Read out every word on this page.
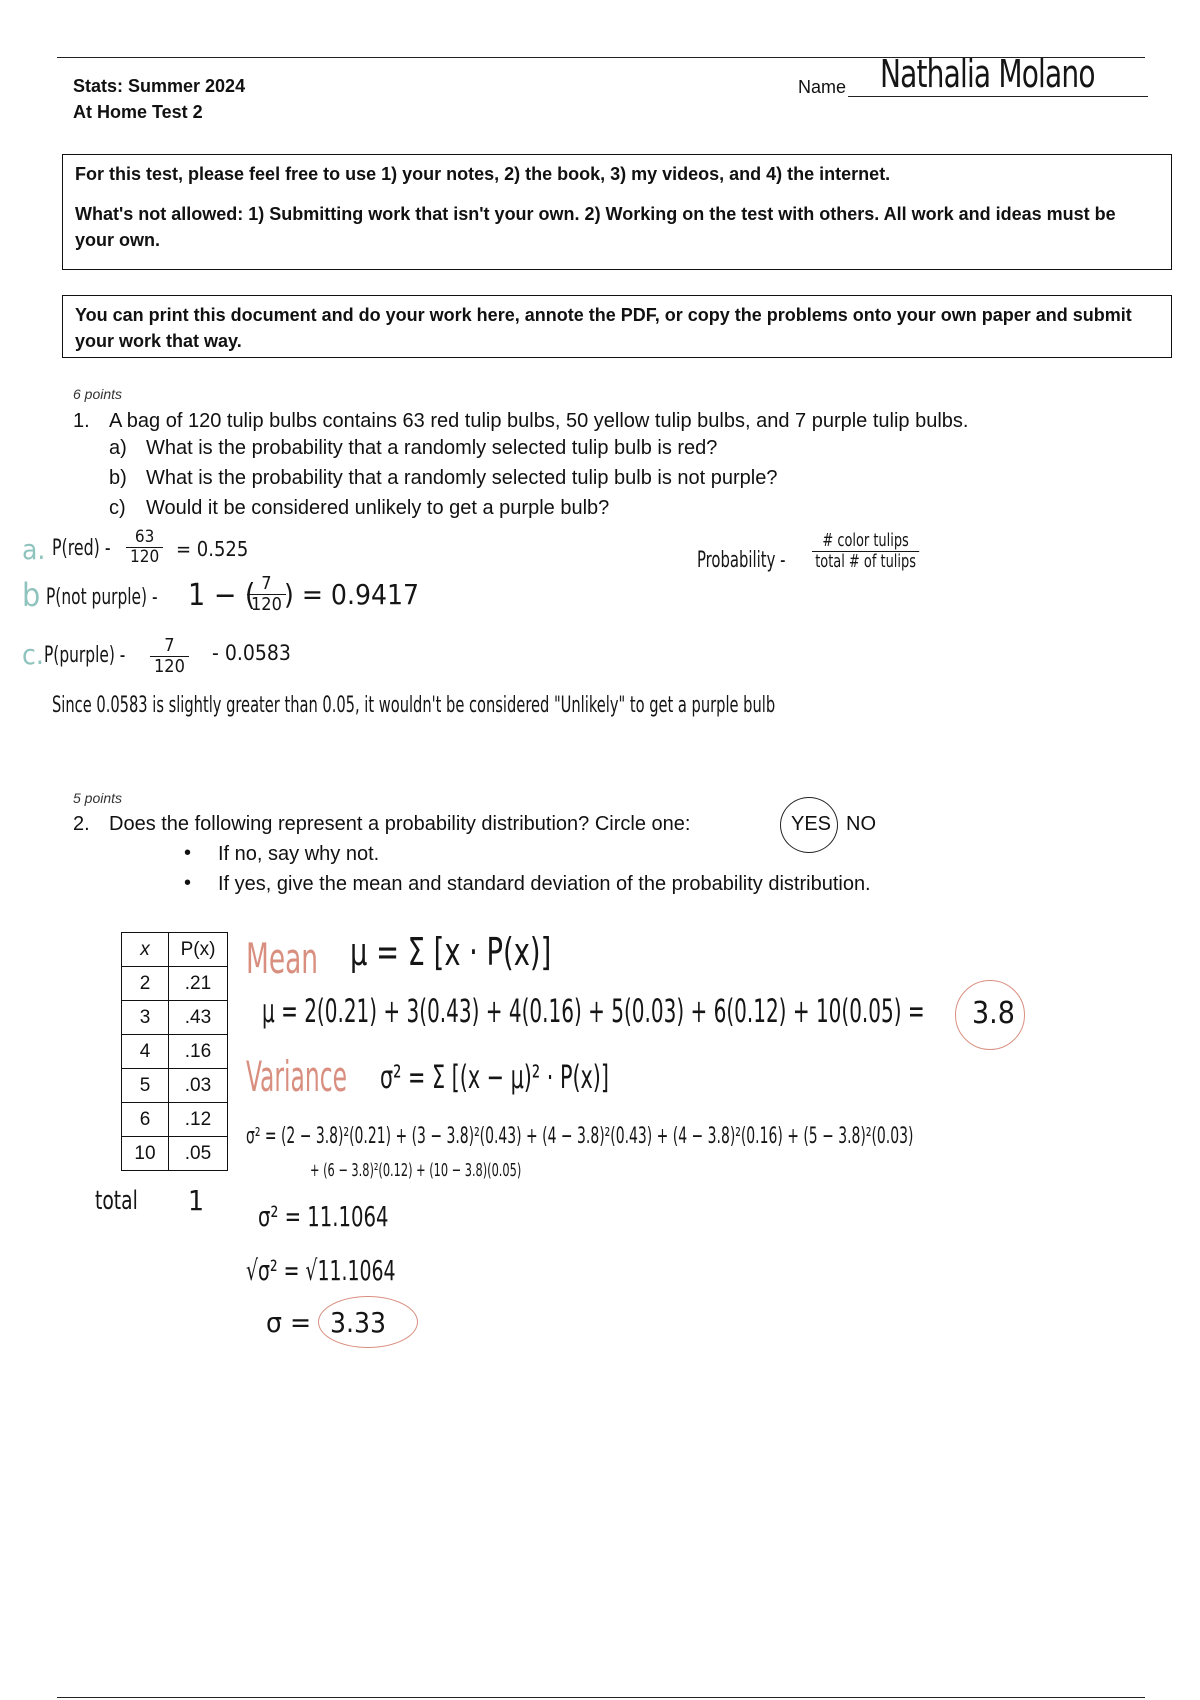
Stats: Summer 2024
At Home Test 2
Name Nathalia Molano

For this test, please feel free to use 1) your notes, 2) the book, 3) my videos, and 4) the internet.

What's not allowed: 1) Submitting work that isn't your own. 2) Working on the test with others. All work and ideas must be your own.

You can print this document and do your work here, annote the PDF, or copy the problems onto your own paper and submit your work that way.

6 points
1. A bag of 120 tulip bulbs contains 63 red tulip bulbs, 50 yellow tulip bulbs, and 7 purple tulip bulbs.
a) What is the probability that a randomly selected tulip bulb is red?
b) What is the probability that a randomly selected tulip bulb is not purple?
c) Would it be considered unlikely to get a purple bulb?
a. $P(red) - \frac{63}{120} = 0.525$
b P(not purple) - 1 − (
$\frac{7}{120}$
) = 0.9417
c. P(purple) - $\frac{7}{120} - 0.0583$
Probability - $\frac{\text{\# color tulips}}{\text{total \# of tulips}}$
Since 0.0583 is slightly greater than 0.05, it wouldn't be considered "Unlikely" to get a purple bulb
5 points
2. Does the following represent a probability distribution? Circle one:	YES NO
• If no, say why not.
• If yes, give the mean and standard deviation of the probability distribution.
x	P(x)
2	.21
3	.43
4	.16
5	.03
6	.12
10	.05
total 1
Mean μ = Σ [x · P(x)]
μ = 2(0.21) + 3(0.43) + 4(0.16) + 5(0.03) + 6(0.12) + 10(0.05) = 3.8
Variance σ² = Σ [(x − μ)² · P(x)]
σ² = (2 − 3.8)²(0.21) + (3 − 3.8)²(0.43) + (4 − 3.8)²(0.43) + (4 − 3.8)²(0.16) + (5 − 3.8)²(0.03)
+ (6 − 3.8)²(0.12) + (10 − 3.8)(0.05)
σ² = 11.1064
√σ² = √11.1064
σ = 3.33
